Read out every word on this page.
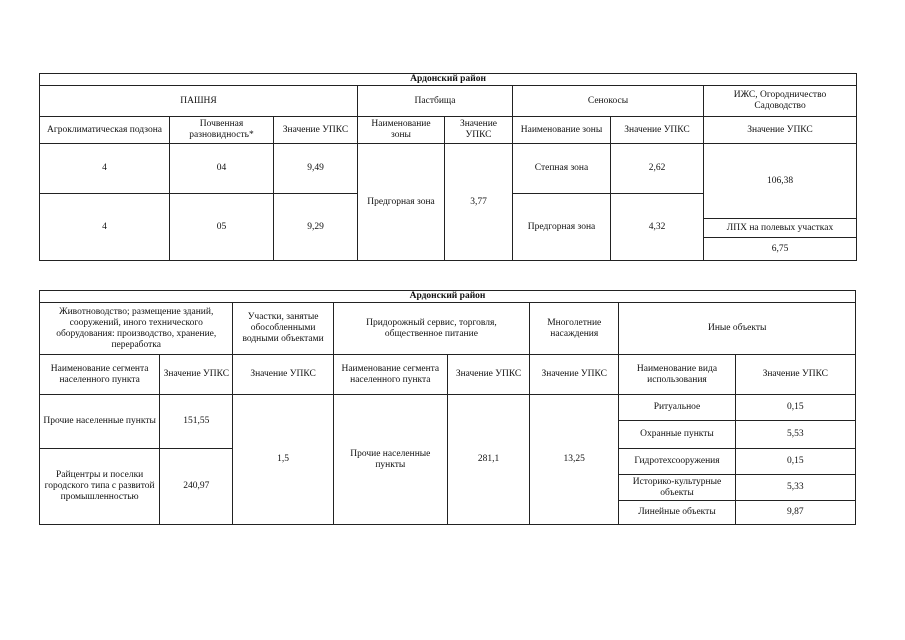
Ардонский район							
ПАШНЯ			Пастбища		Сенокосы		ИЖС, Огородничество Садоводство
Агроклиматическая подзона	Почвенная разновидность*	Значение УПКС	Наименование зоны	Значение УПКС	Наименование зоны	Значение УПКС	Значение УПКС
4	04	9,49	Предгорная зона	3,77	Степная зона	2,62	106,38

4	05	9,29			Предгорная зона	4,32	
							ЛПХ на полевых участках
							6,75
Ардонский район							
Животноводство; размещение зданий, сооружений, иного технического оборудования: производство, хранение, переработка		Участки, занятые обособленными водными объектами	Придорожный сервис, торговля, общественное питание		Многолетние насаждения	Иные объекты	
Наименование сегмента населенного пункта	Значение УПКС	Значение УПКС	Наименование сегмента населенного пункта	Значение УПКС	Значение УПКС	Наименование вида использования	Значение УПКС
Прочие населенные пункты	151,55	1,5	Прочие населенные пункты	281,1	13,25	Ритуальное	0,15
						Охранные пункты	5,53
Райцентры и поселки городского типа с развитой промышленностью	240,97					Гидротехсооружения	0,15
						Историко-культурные объекты	5,33
						Линейные объекты	9,87
